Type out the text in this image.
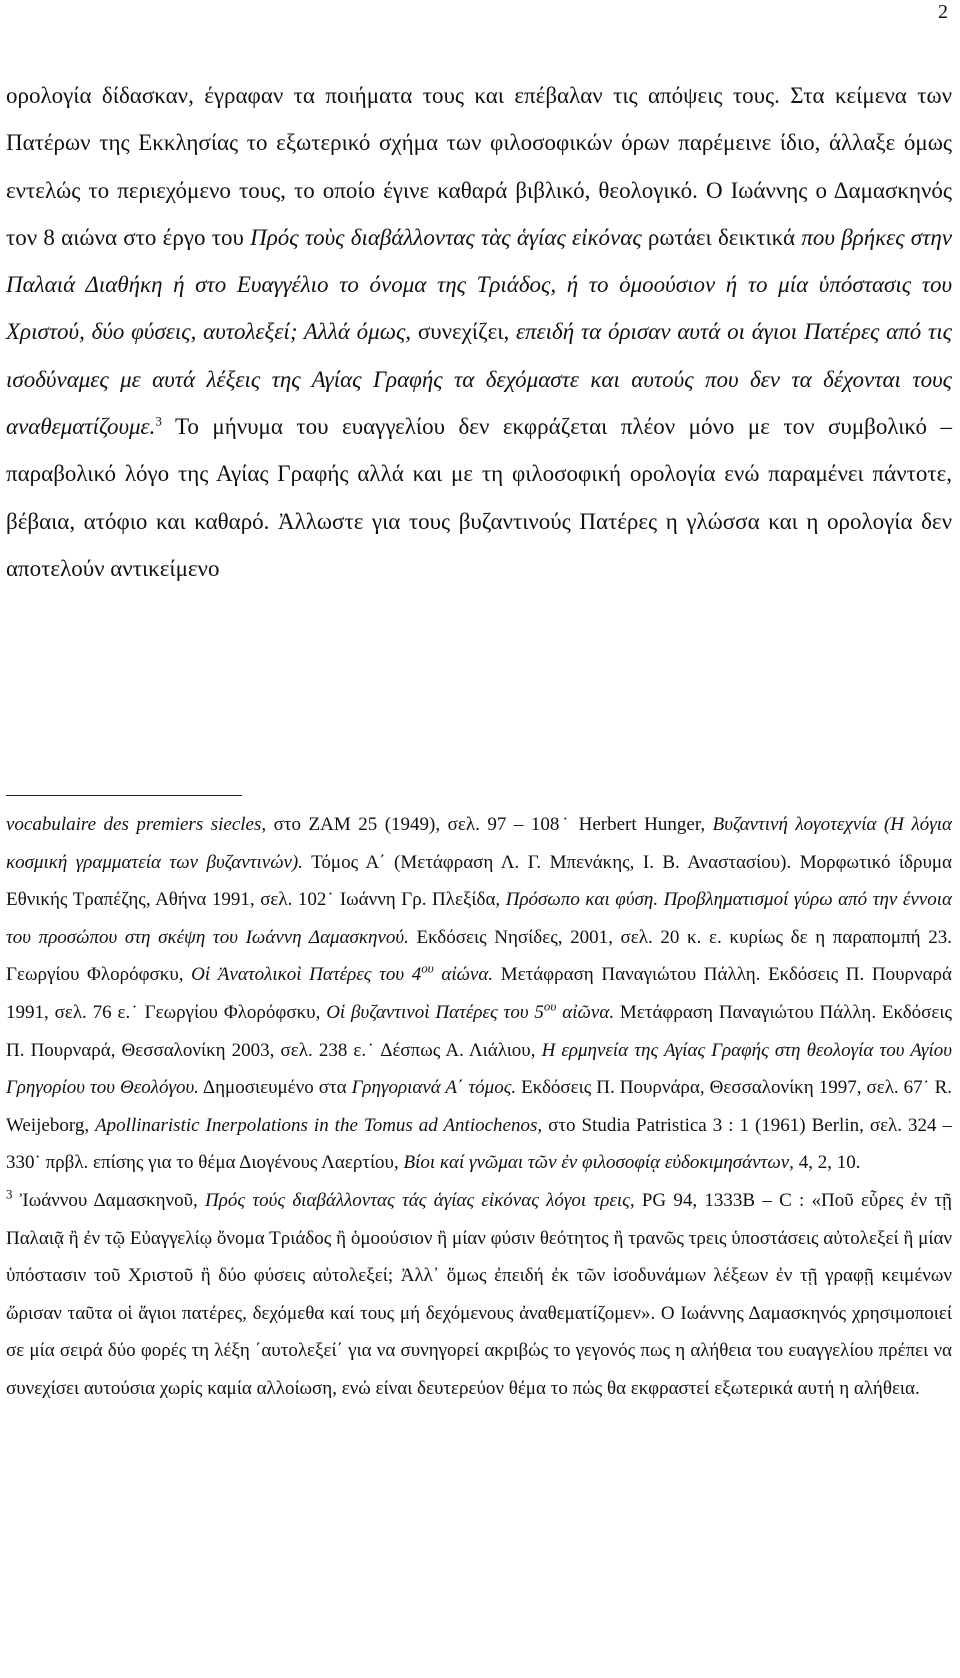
2

ορολογία δίδασκαν, έγραφαν τα ποιήματα τους και επέβαλαν τις απόψεις τους. Στα κείμενα των Πατέρων της Εκκλησίας το εξωτερικό σχήμα των φιλοσοφικών όρων παρέμεινε ίδιο, άλλαξε όμως εντελώς το περιεχόμενο τους, το οποίο έγινε καθαρά βιβλικό, θεολογικό. Ο Ιωάννης ο Δαμασκηνός τον 8 αιώνα στο έργο του Πρός τοὺς διαβάλλοντας τὰς ἁγίας εἰκόνας ρωτάει δεικτικά που βρήκες στην Παλαιά Διαθήκη ή στο Ευαγγέλιο το όνομα της Τριάδος, ή το ὁμοούσιον ή το μία ὑπόστασις του Χριστού, δύο φύσεις, αυτολεξεί; Αλλά όμως, συνεχίζει, επειδή τα όρισαν αυτά οι άγιοι Πατέρες από τις ισοδύναμες με αυτά λέξεις της Αγίας Γραφής τα δεχόμαστε και αυτούς που δεν τα δέχονται τους αναθεματίζουμε.$^3$ Το μήνυμα του ευαγγελίου δεν εκφράζεται πλέον μόνο με τον συμβολικό – παραβολικό λόγο της Αγίας Γραφής αλλά και με τη φιλοσοφική ορολογία ενώ παραμένει πάντοτε, βέβαια, ατόφιο και καθαρό. Ἀλλωστε για τους βυζαντινούς Πατέρες η γλώσσα και η ορολογία δεν αποτελούν αντικείμενο

vocabulaire des premiers siecles, στο ΖΑΜ 25 (1949), σελ. 97 – 108˙ Herbert Hunger, Βυζαντινή λογοτεχνία (Η λόγια κοσμική γραμματεία των βυζαντινών). Τόμος Α΄ (Μετάφραση Λ. Γ. Μπενάκης, Ι. Β. Αναστασίου). Μορφωτικό ίδρυμα Εθνικής Τραπέζης, Αθήνα 1991, σελ. 102˙ Ιωάννη Γρ. Πλεξίδα, Πρόσωπο και φύση. Προβληματισμοί γύρω από την έννοια του προσώπου στη σκέψη του Ιωάννη Δαμασκηνού. Εκδόσεις Νησίδες, 2001, σελ. 20 κ. ε. κυρίως δε η παραπομπή 23. Γεωργίου Φλορόφσκυ, Οἱ Ἀνατολικοὶ Πατέρες του $4^{o\upsilon}$ αἰώνα. Μετάφραση Παναγιώτου Πάλλη. Εκδόσεις Π. Πουρναρά 1991, σελ. 76 ε.˙ Γεωργίου Φλορόφσκυ, Οἱ βυζαντινοὶ Πατέρες του $5^{o\upsilon}$ αἰῶνα. Μετάφραση Παναγιώτου Πάλλη. Εκδόσεις Π. Πουρναρά, Θεσσαλονίκη 2003, σελ. 238 ε.˙ Δέσπως Α. Λιάλιου, Η ερμηνεία της Αγίας Γραφής στη θεολογία του Αγίου Γρηγορίου του Θεολόγου. Δημοσιευμένο στα Γρηγοριανά Α΄ τόμος. Εκδόσεις Π. Πουρνάρα, Θεσσαλονίκη 1997, σελ. 67˙ R. Weijeborg, Apollinaristic Inerpolations in the Tomus ad Antiochenos, στο Studia Patristica 3 : 1 (1961) Berlin, σελ. 324 – 330˙ πρβλ. επίσης για το θέμα Διογένους Λαερτίου, Βίοι καί γνῶμαι τῶν ἐν φιλοσοφίᾳ εὐδοκιμησάντων, 4, 2, 10.

$^3$ Ἰωάννου Δαμασκηνοῦ, Πρός τούς διαβάλλοντας τάς ἁγίας εἰκόνας λόγοι τρεις, PG 94, 1333B – C : «Ποῦ εὗρες ἐν τῇ Παλαιᾷ ἢ ἐν τῷ Εὐαγγελίῳ ὄνομα Τριάδος ἢ ὁμοούσιον ἢ μίαν φύσιν θεότητος ἢ τρανῶς τρεις ὑποστάσεις αὐτολεξεί ἢ μίαν ὑπόστασιν τοῦ Χριστοῦ ἢ δύο φύσεις αὐτολεξεί; Ἀλλ᾽ ὅμως ἐπειδή ἐκ τῶν ἰσοδυνάμων λέξεων ἐν τῇ γραφῇ κειμένων ὥρισαν ταῦτα οἱ ἅγιοι πατέρες, δεχόμεθα καί τους μή δεχόμενους ἀναθεματίζομεν». Ο Ιωάννης Δαμασκηνός χρησιμοποιεί σε μία σειρά δύο φορές τη λέξη ΄αυτολεξεί΄ για να συνηγορεί ακριβώς το γεγονός πως η αλήθεια του ευαγγελίου πρέπει να συνεχίσει αυτούσια χωρίς καμία αλλοίωση, ενώ είναι δευτερεύον θέμα το πώς θα εκφραστεί εξωτερικά αυτή η αλήθεια.
